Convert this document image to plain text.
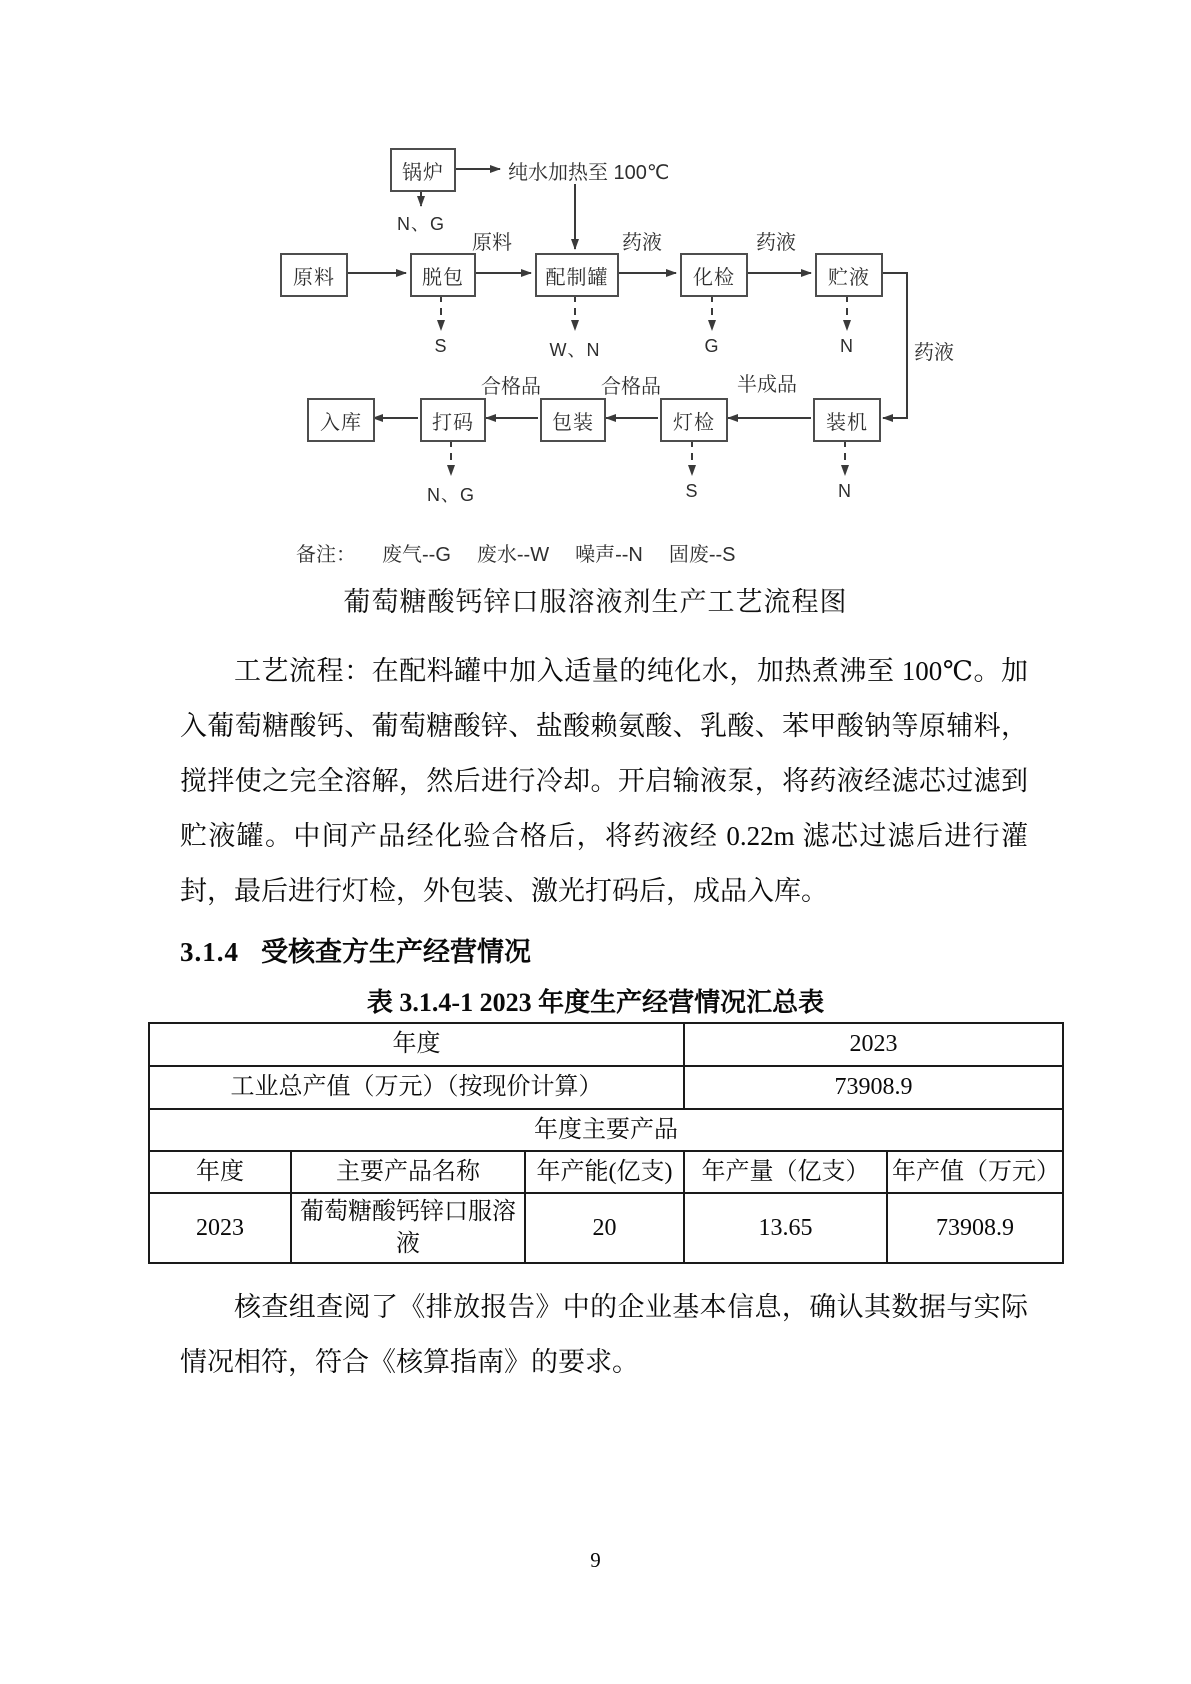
锅炉
原料	脱包	配制罐	化检	贮液
入库	打码	包装	灯检	装机
纯水加热至 100℃
原料	药液	药液
药液
合格品	合格品	半成品
N、G
S	W、N	G	N
N、G	S	N
备注： 废气--G 废水--W 噪声--N 固废--S
葡萄糖酸钙锌口服溶液剂生产工艺流程图
工艺流程：在配料罐中加入适量的纯化水，加热煮沸至 100℃。加入葡萄糖酸钙、葡萄糖酸锌、盐酸赖氨酸、乳酸、苯甲酸钠等原辅料，搅拌使之完全溶解，然后进行冷却。开启输液泵，将药液经滤芯过滤到贮液罐。中间产品经化验合格后，将药液经 0.22m 滤芯过滤后进行灌封，最后进行灯检，外包装、激光打码后，成品入库。
3.1.4 受核查方生产经营情况
表 3.1.4-1 2023 年度生产经营情况汇总表
年度			2023	
工业总产值（万元）（按现价计算）			73908.9	
年度主要产品				
年度	主要产品名称	年产能(亿支)	年产量（亿支）	年产值（万元）
2023	葡萄糖酸钙锌口服溶液	20	13.65	73908.9
核查组查阅了《排放报告》中的企业基本信息，确认其数据与实际情况相符，符合《核算指南》的要求。
9
